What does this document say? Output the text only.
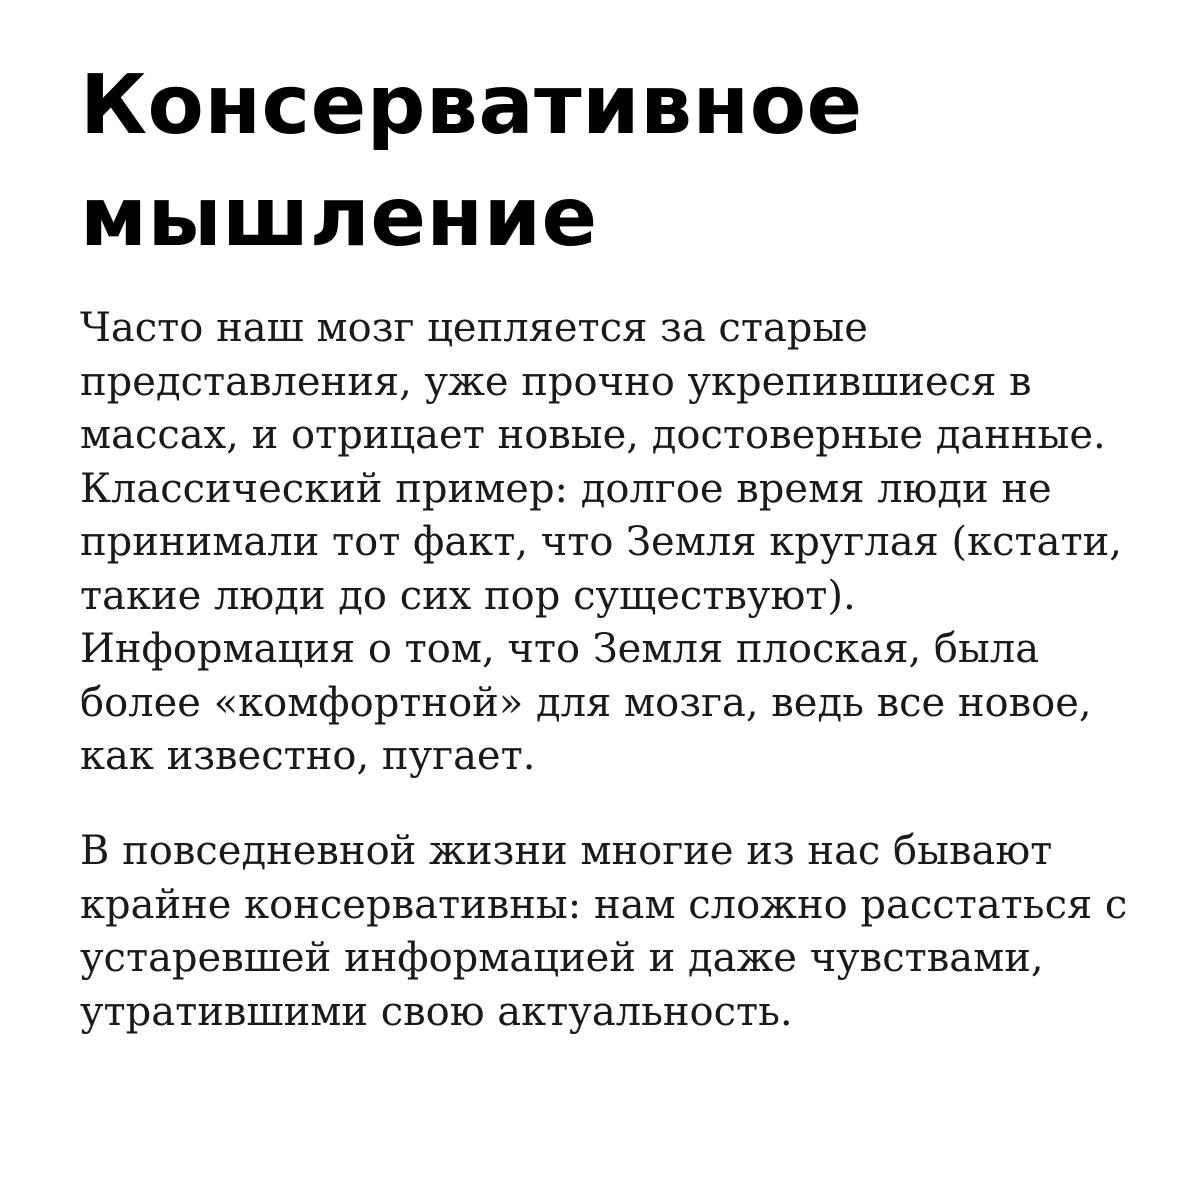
Консервативное
мышление

Часто наш мозг цепляется за старые
представления, уже прочно укрепившиеся в
массах, и отрицает новые, достоверные данные.
Классический пример: долгое время люди не
принимали тот факт, что Земля круглая (кстати,
такие люди до сих пор существуют).
Информация о том, что Земля плоская, была
более «комфортной» для мозга, ведь все новое,
как известно, пугает.

В повседневной жизни многие из нас бывают
крайне консервативны: нам сложно расстаться с
устаревшей информацией и даже чувствами,
утратившими свою актуальность.
